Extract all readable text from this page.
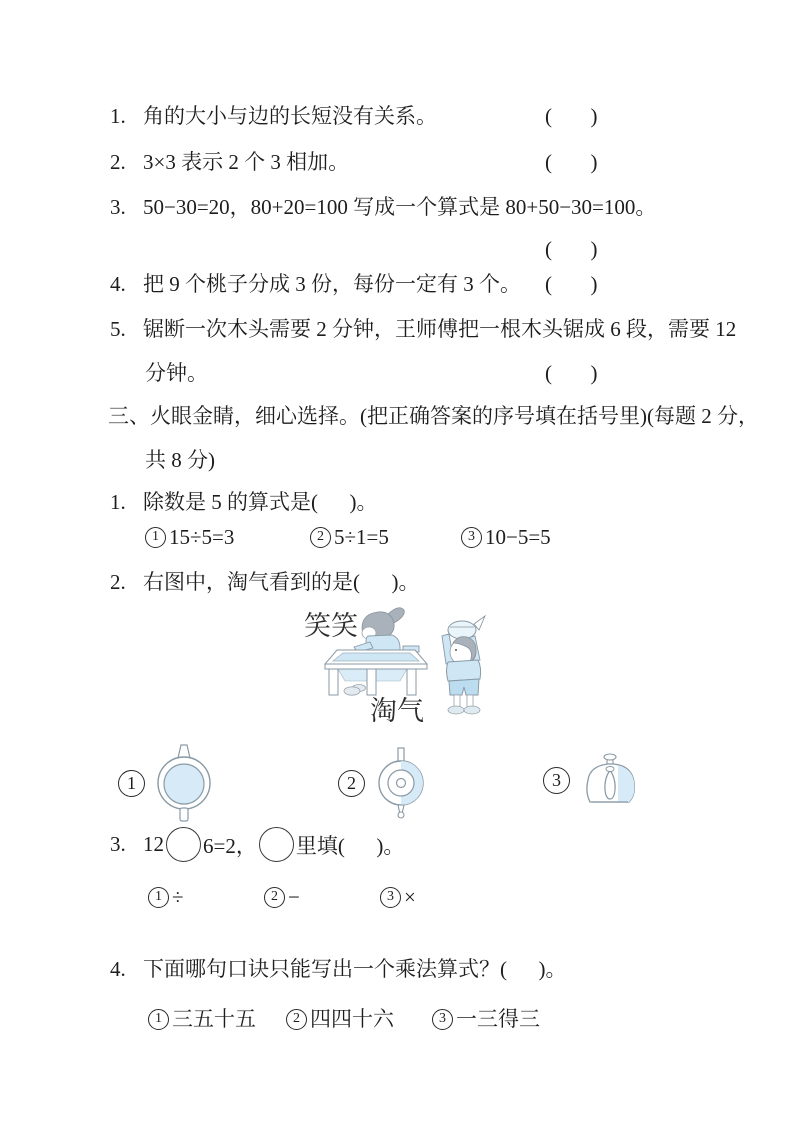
1. 角的大小与边的长短没有关系。	(      )
2. 3×3 表示 2 个 3 相加。	(      )
3. 50−30=20，80+20=100 写成一个算式是 80+50−30=100。
(      )
4. 把 9 个桃子分成 3 份，每份一定有 3 个。 (      )
5. 锯断一次木头需要 2 分钟，王师傅把一根木头锯成 6 段，需要 12
分钟。	(      )
三、火眼金睛，细心选择。(把正确答案的序号填在括号里)(每题 2 分，
共 8 分)
1. 除数是 5 的算式是(      )。
1 15÷5=3	2 5÷1=5	3 10−5=5
2. 右图中，淘气看到的是(      )。
笑笑
淘气
1	2	3
3. 12 6=2， 里填(      )。
1 ÷	2 −	3 ×
4. 下面哪句口诀只能写出一个乘法算式？(      )。
1 三五十五	2 四四十六	3 一三得三
